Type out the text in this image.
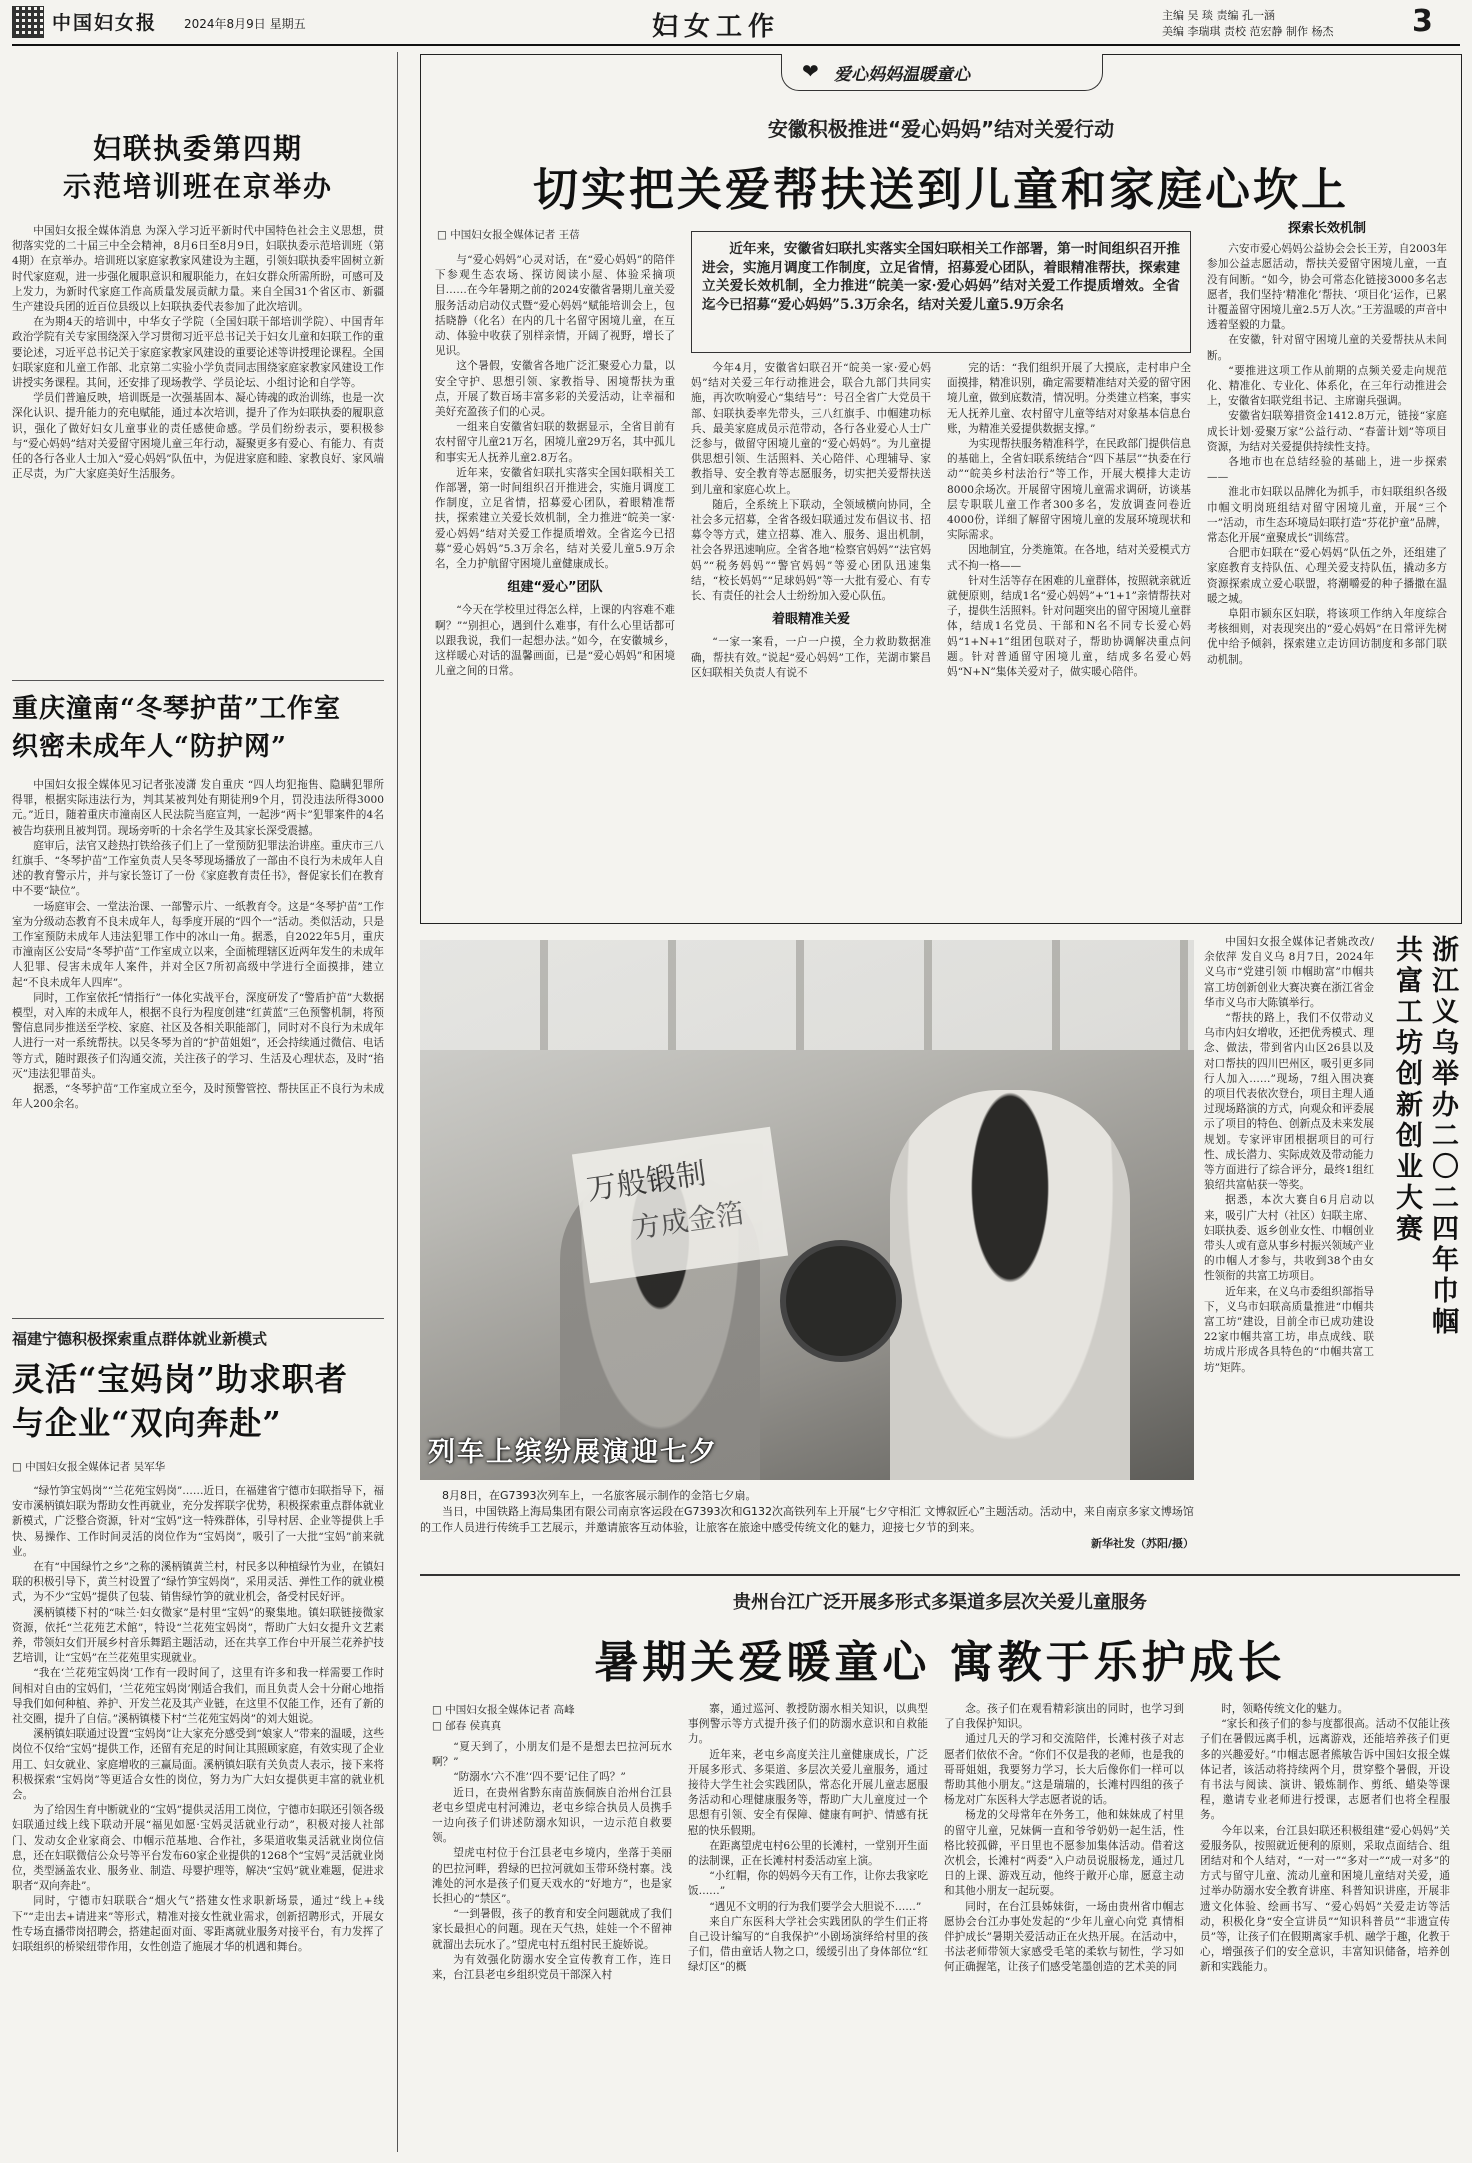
中国妇女报 2024年8月9日 星期五	妇女工作	主编 吴 琰 责编 孔一涵
美编 李瑞琪 责校 范宏静 制作 杨杰	3
妇联执委第四期
示范培训班在京举办

中国妇女报全媒体消息 为深入学习近平新时代中国特色社会主义思想，贯彻落实党的二十届三中全会精神，8月6日至8月9日，妇联执委示范培训班（第4期）在京举办。培训班以家庭家教家风建设为主题，引领妇联执委牢固树立新时代家庭观，进一步强化履职意识和履职能力，在妇女群众所需所盼，可感可及上发力，为新时代家庭工作高质量发展贡献力量。来自全国31个省区市、新疆生产建设兵团的近百位县级以上妇联执委代表参加了此次培训。

在为期4天的培训中，中华女子学院（全国妇联干部培训学院）、中国青年政治学院有关专家围绕深入学习贯彻习近平总书记关于妇女儿童和妇联工作的重要论述，习近平总书记关于家庭家教家风建设的重要论述等讲授理论课程。全国妇联家庭和儿童工作部、北京第二实验小学负责同志围绕家庭家教家风建设工作讲授实务课程。其间，还安排了现场教学、学员论坛、小组讨论和自学等。

学员们普遍反映，培训既是一次强基固本、凝心铸魂的政治训练，也是一次深化认识、提升能力的充电赋能，通过本次培训，提升了作为妇联执委的履职意识，强化了做好妇女儿童事业的责任感使命感。学员们纷纷表示，要积极参与“爱心妈妈”结对关爱留守困境儿童三年行动，凝聚更多有爱心、有能力、有责任的各行各业人士加入“爱心妈妈”队伍中，为促进家庭和睦、家教良好、家风端正尽责，为广大家庭美好生活服务。

重庆潼南“冬琴护苗”工作室
织密未成年人“防护网”

中国妇女报全媒体见习记者张凌潇 发自重庆 “四人均犯拖售、隐瞒犯罪所得罪，根据实际违法行为，判其某被判处有期徒刑9个月，罚没违法所得3000元。”近日，随着重庆市潼南区人民法院当庭宣判，一起涉“两卡”犯罪案件的4名被告均获刑且被判罚。现场旁听的十余名学生及其家长深受震撼。

庭审后，法官又趁热打铁给孩子们上了一堂预防犯罪法治讲座。重庆市三八红旗手、“冬琴护苗”工作室负责人吴冬琴现场播放了一部由不良行为未成年人自述的教育警示片，并与家长签订了一份《家庭教育责任书》，督促家长们在教育中不要“缺位”。

一场庭审会、一堂法治课、一部警示片、一纸教育令。这是“冬琴护苗”工作室为分级动态教育不良未成年人，每季度开展的“四个一”活动。类似活动，只是工作室预防未成年人违法犯罪工作中的冰山一角。据悉，自2022年5月，重庆市潼南区公安局“冬琴护苗”工作室成立以来，全面梳理辖区近两年发生的未成年人犯罪、侵害未成年人案件，并对全区7所初高级中学进行全面摸排，建立起“不良未成年人四库”。

同时，工作室依托“情指行”一体化实战平台，深度研发了“警盾护苗”大数据模型，对入库的未成年人，根据不良行为程度创建“红黄蓝”三色预警机制，将预警信息同步推送至学校、家庭、社区及各相关职能部门，同时对不良行为未成年人进行一对一系统帮扶。以吴冬琴为首的“护苗姐姐”，还会持续通过微信、电话等方式，随时跟孩子们沟通交流，关注孩子的学习、生活及心理状态，及时“掐灭”违法犯罪苗头。

据悉，“冬琴护苗”工作室成立至今，及时预警管控、帮扶匡正不良行为未成年人200余名。

福建宁德积极探索重点群体就业新模式

灵活“宝妈岗”助求职者
与企业“双向奔赴”

□ 中国妇女报全媒体记者 吴军华

“绿竹笋宝妈岗”“兰花苑宝妈岗”……近日，在福建省宁德市妇联指导下，福安市溪柄镇妇联为帮助女性再就业，充分发挥联字优势，积极探索重点群体就业新模式，广泛整合资源，针对“宝妈”这一特殊群体，引导村居、企业等提供上手快、易操作、工作时间灵活的岗位作为“宝妈岗”，吸引了一大批“宝妈”前来就业。

在有“中国绿竹之乡”之称的溪柄镇黄兰村，村民多以种植绿竹为业，在镇妇联的积极引导下，黄兰村设置了“绿竹笋宝妈岗”，采用灵活、弹性工作的就业模式，为不少“宝妈”提供了包装、销售绿竹笋的就业机会，备受村民好评。

溪柄镇楼下村的“味兰·妇女微家”是村里“宝妈”的聚集地。镇妇联链接微家资源，依托“兰花苑艺术館”，特设“兰花苑宝妈岗”，帮助广大妇女提升文艺素养，带领妇女们开展乡村音乐舞蹈主题活动，还在共享工作台中开展兰花养护技艺培训，让“宝妈”在兰花苑里实现就业。

“我在‘兰花苑宝妈岗’工作有一段时间了，这里有许多和我一样需要工作时间相对自由的宝妈们，‘兰花苑宝妈岗’刚适合我们，而且负责人会十分耐心地指导我们如何种植、养护、开发兰花及其产业链，在这里不仅能工作，还有了新的社交圈，提升了自信。”溪柄镇楼下村“兰花苑宝妈岗”的刘大姐说。

溪柄镇妇联通过设置“宝妈岗”让大家充分感受到“娘家人”带来的温暖，这些岗位不仅给“宝妈”提供工作，还留有充足的时间让其照顾家庭，有效实现了企业用工、妇女就业、家庭增收的三赢局面。溪柄镇妇联有关负责人表示，接下来将积极探索“宝妈岗”等更适合女性的岗位，努力为广大妇女提供更丰富的就业机会。

为了给因生育中断就业的“宝妈”提供灵活用工岗位，宁德市妇联还引领各级妇联通过线上线下联动开展“福见如愿·宝妈灵活就业行动”，积极对接人社部门、发动女企业家商会、巾帼示范基地、合作社，多渠道收集灵活就业岗位信息，还在妇联微信公众号等平台发布60家企业提供的1268个“宝妈”灵活就业岗位，类型涵盖农业、服务业、制造、母婴护理等，解决“宝妈”就业难题，促进求职者“双向奔赴”。

同时，宁德市妇联联合“烟火气”搭建女性求职新场景，通过“线上+线下”“走出去+请进来”等形式，精准对接女性就业需求，创新招聘形式，开展女性专场直播带岗招聘会，搭建起面对面、零距离就业服务对接平台，有力发挥了妇联组织的桥梁纽带作用，女性创造了施展才华的机遇和舞台。

❤ 爱心妈妈温暖童心

安徽积极推进“爱心妈妈”结对关爱行动

切实把关爱帮扶送到儿童和家庭心坎上

□ 中国妇女报全媒体记者 王蓓

近年来，安徽省妇联扎实落实全国妇联相关工作部署，第一时间组织召开推进会，实施月调度工作制度，立足省情，招募爱心团队，着眼精准帮扶，探索建立关爱长效机制，全力推进“皖美一家·爱心妈妈”结对关爱工作提质增效。全省迄今已招募“爱心妈妈”5.3万余名，结对关爱儿童5.9万余名

与“爱心妈妈”心灵对话，在“爱心妈妈”的陪伴下参观生态农场、探访阅读小屋、体验采摘项目……在今年暑期之前的2024安徽省暑期儿童关爱服务活动启动仪式暨“爱心妈妈”赋能培训会上，包括晓静（化名）在内的几十名留守困境儿童，在互动、体验中收获了别样亲情，开阔了视野，增长了见识。

这个暑假，安徽省各地广泛汇聚爱心力量，以安全守护、思想引领、家教指导、困境帮扶为重点，开展了数百场丰富多彩的关爱活动，让幸福和美好充盈孩子们的心灵。

一组来自安徽省妇联的数据显示，全省目前有农村留守儿童21万名，困境儿童29万名，其中孤儿和事实无人抚养儿童2.8万名。

近年来，安徽省妇联扎实落实全国妇联相关工作部署，第一时间组织召开推进会，实施月调度工作制度，立足省情，招募爱心团队，着眼精准帮扶，探索建立关爱长效机制，全力推进“皖美一家·爱心妈妈”结对关爱工作提质增效。全省迄今已招募“爱心妈妈”5.3万余名，结对关爱儿童5.9万余名，全力护航留守困境儿童健康成长。

组建“爱心”团队

“今天在学校里过得怎么样，上课的内容难不难啊？”“别担心，遇到什么难事，有什么心里话都可以跟我说，我们一起想办法。”如今，在安徽城乡，这样暖心对话的温馨画面，已是“爱心妈妈”和困境儿童之间的日常。

今年4月，安徽省妇联召开“皖美一家·爱心妈妈”结对关爱三年行动推进会，联合九部门共同实施，再次吹响爱心“集结号”：号召全省广大党员干部、妇联执委率先带头，三八红旗手、巾帼建功标兵、最美家庭成员示范带动，各行各业爱心人士广泛参与，做留守困境儿童的“爱心妈妈”。为儿童提供思想引领、生活照料、关心陪伴、心理辅导、家教指导、安全教育等志愿服务，切实把关爱帮扶送到儿童和家庭心坎上。

随后，全系统上下联动，全领域横向协同，全社会多元招募，全省各级妇联通过发布倡议书、招募令等方式，建立招募、准入、服务、退出机制，社会各界迅速响应。全省各地“检察官妈妈”“法官妈妈”“税务妈妈”“警官妈妈”等爱心团队迅速集结，“校长妈妈”“足球妈妈”等一大批有爱心、有专长、有责任的社会人士纷纷加入爱心队伍。

着眼精准关爱

“一家一案看，一户一户摸，全力救助数据准确，帮扶有效。”说起“爱心妈妈”工作，芜湖市繁昌区妇联相关负责人有说不

完的话：“我们组织开展了大摸底，走村串户全面摸排，精准识别，确定需要精准结对关爱的留守困境儿童，做到底数清，情况明。分类建立档案，事实无人抚养儿童、农村留守儿童等结对对象基本信息台账，为精准关爱提供数据支撑。”

为实现帮扶服务精准科学，在民政部门提供信息的基础上，全省妇联系统结合“四下基层”“执委在行动”“皖美乡村法治行”等工作，开展大模排大走访8000余场次。开展留守困境儿童需求调研，访谈基层专职联儿童工作者300多名，发放调查问卷近4000份，详细了解留守困境儿童的发展环境现状和实际需求。

因地制宜，分类施策。在各地，结对关爱模式方式不拘一格——

针对生活等存在困难的儿童群体，按照就亲就近就便原则，结成1名“爱心妈妈”+“1+1”亲情帮扶对子，提供生活照料。针对问题突出的留守困境儿童群体，结成1名党员、干部和N名不同专长爱心妈妈“1+N+1”组团包联对子，帮助协调解决重点问题。针对普通留守困境儿童，结成多名爱心妈妈“N+N”集体关爱对子，做实暖心陪伴。

探索长效机制

六安市爱心妈妈公益协会会长王芳，自2003年参加公益志愿活动，帮扶关爱留守困境儿童，一直没有间断。“如今，协会可常态化链接3000多名志愿者，我们坚持‘精准化’帮扶、‘项目化’运作，已累计覆盖留守困境儿童2.5万人次。”王芳温暖的声音中透着坚毅的力量。

在安徽，针对留守困境儿童的关爱帮扶从未间断。

“要推进这项工作从前期的点频关爱走向规范化、精准化、专业化、体系化，在三年行动推进会上，安徽省妇联党组书记、主席谢兵强调。

安徽省妇联筹措资金1412.8万元，链接“家庭成长计划·爱聚万家”公益行动、“春蕾计划”等项目资源，为结对关爱提供持续性支持。

各地市也在总结经验的基础上，进一步探索——

淮北市妇联以品牌化为抓手，市妇联组织各级巾帼文明岗班组结对留守困境儿童，开展“三个一”活动，市生态环境局妇联打造“芬花护童”品牌，常态化开展“童聚成长”训练营。

合肥市妇联在“爱心妈妈”队伍之外，还组建了家庭教育支持队伍、心理关爱支持队伍，撬动多方资源探索成立爱心联盟，将潮嚼爱的种子播撒在温暖之城。

阜阳市颍东区妇联，将该项工作纳入年度综合考核细则，对表现突出的“爱心妈妈”在日常评先树优中给予倾斜，探索建立走访回访制度和多部门联动机制。

万般锻制
方成金箔
列车上缤纷展演迎七夕

8月8日，在G7393次列车上，一名旅客展示制作的金箔七夕扇。

当日，中国铁路上海局集团有限公司南京客运段在G7393次和G132次高铁列车上开展“七夕守相汇 文博叙匠心”主题活动。活动中，来自南京多家文博场馆的工作人员进行传统手工艺展示，并邀请旅客互动体验，让旅客在旅途中感受传统文化的魅力，迎接七夕节的到来。

新华社发（苏阳/摄）

浙江义乌举办二〇二四年巾帼共富工坊创新创业大赛

中国妇女报全媒体记者姚改改/余依萍 发自义乌 8月7日，2024年义乌市“党建引领 巾帼助富”巾帼共富工坊创新创业大赛决赛在浙江省金华市义乌市大陈镇举行。

“帮扶的路上，我们不仅带动义乌市内妇女增收，还把优秀模式、理念、做法，带到省内山区26县以及对口帮扶的四川巴州区，吸引更多同行人加入……”现场，7组入围决赛的项目代表依次登台，项目主理人通过现场路演的方式，向观众和评委展示了项目的特色、创新点及未来发展规划。专家评审团根据项目的可行性、成长潜力、实际成效及带动能力等方面进行了综合评分，最终1组红狼绍共富帖获一等奖。

据悉，本次大赛自6月启动以来，吸引广大村（社区）妇联主席、妇联执委、返乡创业女性、巾帼创业带头人或有意从事乡村振兴领域产业的巾帼人才参与，共收到38个由女性领衔的共富工坊项目。

近年来，在义乌市委组织部指导下，义乌市妇联高质量推进“巾帼共富工坊”建设，目前全市已成功建设22家巾帼共富工坊，串点成线、联坊成片形成各具特色的“巾帼共富工坊”矩阵。

贵州台江广泛开展多形式多渠道多层次关爱儿童服务

暑期关爱暖童心 寓教于乐护成长

□ 中国妇女报全媒体记者 高峰

□ 邰春 侯真真

“夏天到了，小朋友们是不是想去巴拉河玩水啊？”

“防溺水‘六不准’‘四不要’记住了吗？”

近日，在贵州省黔东南苗族侗族自治州台江县老屯乡望虎屯村河滩边，老屯乡综合执员人员携手一边向孩子们讲述防溺水知识，一边示范自救要领。

望虎屯村位于台江县老屯乡境内，坐落于美丽的巴拉河畔，碧绿的巴拉河就如玉带环绕村寨。浅滩处的河水是孩子们夏天戏水的“好地方”，也是家长担心的“禁区”。

“一到暑假，孩子的教育和安全问题就成了我们家长最担心的问题。现在天气热，娃娃一个不留神就溜出去玩水了。”望虎屯村五组村民王旋娇说。

为有效强化防溺水安全宣传教育工作，连日来，台江县老屯乡组织党员干部深入村

寨，通过巡河、教授防溺水相关知识，以典型事例警示等方式提升孩子们的防溺水意识和自救能力。

近年来，老屯乡高度关注儿童健康成长，广泛开展多形式、多渠道、多层次关爱儿童服务，通过接待大学生社会实践团队，常态化开展儿童志愿服务活动和心理健康服务等，帮助广大儿童度过一个思想有引领、安全有保障、健康有呵护、情感有抚慰的快乐假期。

在距离望虎屯村6公里的长滩村，一堂别开生面的法制课，正在长滩村村委活动室上演。

“小红帽，你的妈妈今天有工作，让你去我家吃饭……”

“遇见不文明的行为我们要学会大胆说不……”

来自广东医科大学社会实践团队的学生们正将自己设计编写的“自我保护”小剧场演绎给村里的孩子们，借由童话人物之口，缓缓引出了身体部位“红绿灯区”的概

念。孩子们在观看精彩演出的同时，也学习到了自我保护知识。

通过几天的学习和交流陪伴，长滩村孩子对志愿者们依依不舍。“你们不仅是我的老师，也是我的哥哥姐姐，我要努力学习，长大后像你们一样可以帮助其他小朋友。”这是瑞瑞的，长滩村四组的孩子杨龙对广东医科大学志愿者说的话。

杨龙的父母常年在外务工，他和妹妹成了村里的留守儿童，兄妹俩一直和爷爷奶奶一起生活，性格比较孤僻，平日里也不愿参加集体活动。借着这次机会，长滩村“两委”入户动员说服杨龙，通过几日的上课、游戏互动，他终于敞开心扉，愿意主动和其他小朋友一起玩耍。

同时，在台江县姊妹街，一场由贵州省巾帼志愿协会台江办事处发起的“少年儿童心向党 真情相伴护成长”暑期关爱活动正在火热开展。在活动中，书法老师带领大家感受毛笔的柔软与韧性，学习如何正确握笔，让孩子们感受笔墨创造的艺术美的同

时，领略传统文化的魅力。

“家长和孩子们的参与度都很高。活动不仅能让孩子们在暑假远离手机，远离游戏，还能培养孩子们更多的兴趣爱好。”巾帼志愿者熊敏告诉中国妇女报全媒体记者，该活动将持续两个月，贯穿整个暑假，开设有书法与阅读、演讲、锻炼制作、剪纸、蜡染等课程，邀请专业老师进行授课，志愿者们也将全程服务。

今年以来，台江县妇联还积极组建“爱心妈妈”关爱服务队，按照就近便利的原则，采取点面结合、组团结对和个人结对，“一对一”“多对一”“成一对多”的方式与留守儿童、流动儿童和困境儿童结对关爱，通过举办防溺水安全教育讲座、科普知识讲座，开展非遗文化体验、绘画书写、“爱心妈妈”关爱走访等活动，积极化身“安全宣讲员”“知识科普员”“非遗宣传员”等，让孩子们在假期离家手机、融学于趣，化教于心，增强孩子们的安全意识，丰富知识储备，培养创新和实践能力。
